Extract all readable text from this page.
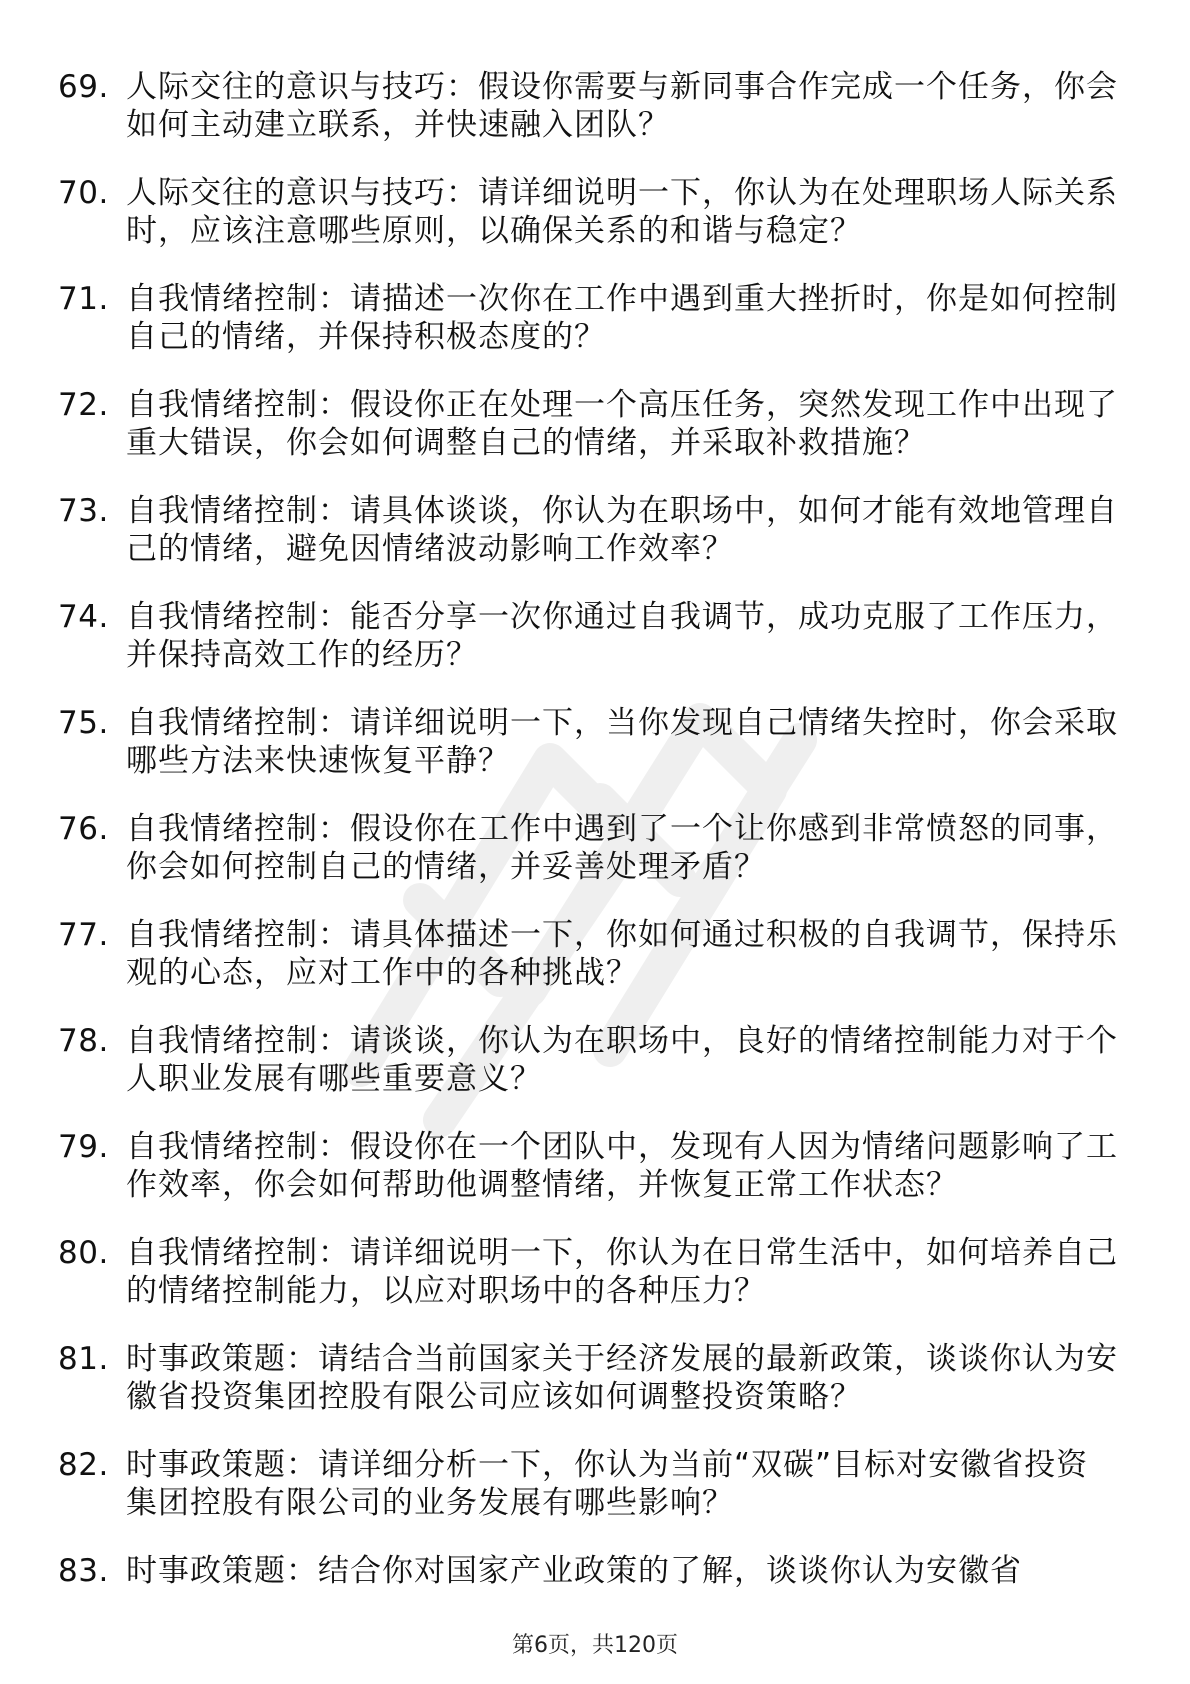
69. 人际交往的意识与技巧：假设你需要与新同事合作完成一个任务，你会如何主动建立联系，并快速融入团队？
70. 人际交往的意识与技巧：请详细说明一下，你认为在处理职场人际关系时，应该注意哪些原则，以确保关系的和谐与稳定？
71. 自我情绪控制：请描述一次你在工作中遇到重大挫折时，你是如何控制自己的情绪，并保持积极态度的？
72. 自我情绪控制：假设你正在处理一个高压任务，突然发现工作中出现了重大错误，你会如何调整自己的情绪，并采取补救措施？
73. 自我情绪控制：请具体谈谈，你认为在职场中，如何才能有效地管理自己的情绪，避免因情绪波动影响工作效率？
74. 自我情绪控制：能否分享一次你通过自我调节，成功克服了工作压力，并保持高效工作的经历？
75. 自我情绪控制：请详细说明一下，当你发现自己情绪失控时，你会采取哪些方法来快速恢复平静？
76. 自我情绪控制：假设你在工作中遇到了一个让你感到非常愤怒的同事，你会如何控制自己的情绪，并妥善处理矛盾？
77. 自我情绪控制：请具体描述一下，你如何通过积极的自我调节，保持乐观的心态，应对工作中的各种挑战？
78. 自我情绪控制：请谈谈，你认为在职场中，良好的情绪控制能力对于个人职业发展有哪些重要意义？
79. 自我情绪控制：假设你在一个团队中，发现有人因为情绪问题影响了工作效率，你会如何帮助他调整情绪，并恢复正常工作状态？
80. 自我情绪控制：请详细说明一下，你认为在日常生活中，如何培养自己的情绪控制能力，以应对职场中的各种压力？
81. 时事政策题：请结合当前国家关于经济发展的最新政策，谈谈你认为安徽省投资集团控股有限公司应该如何调整投资策略？
82. 时事政策题：请详细分析一下，你认为当前“双碳”目标对安徽省投资集团控股有限公司的业务发展有哪些影响？
83. 时事政策题：结合你对国家产业政策的了解，谈谈你认为安徽省
第6页，共120页
